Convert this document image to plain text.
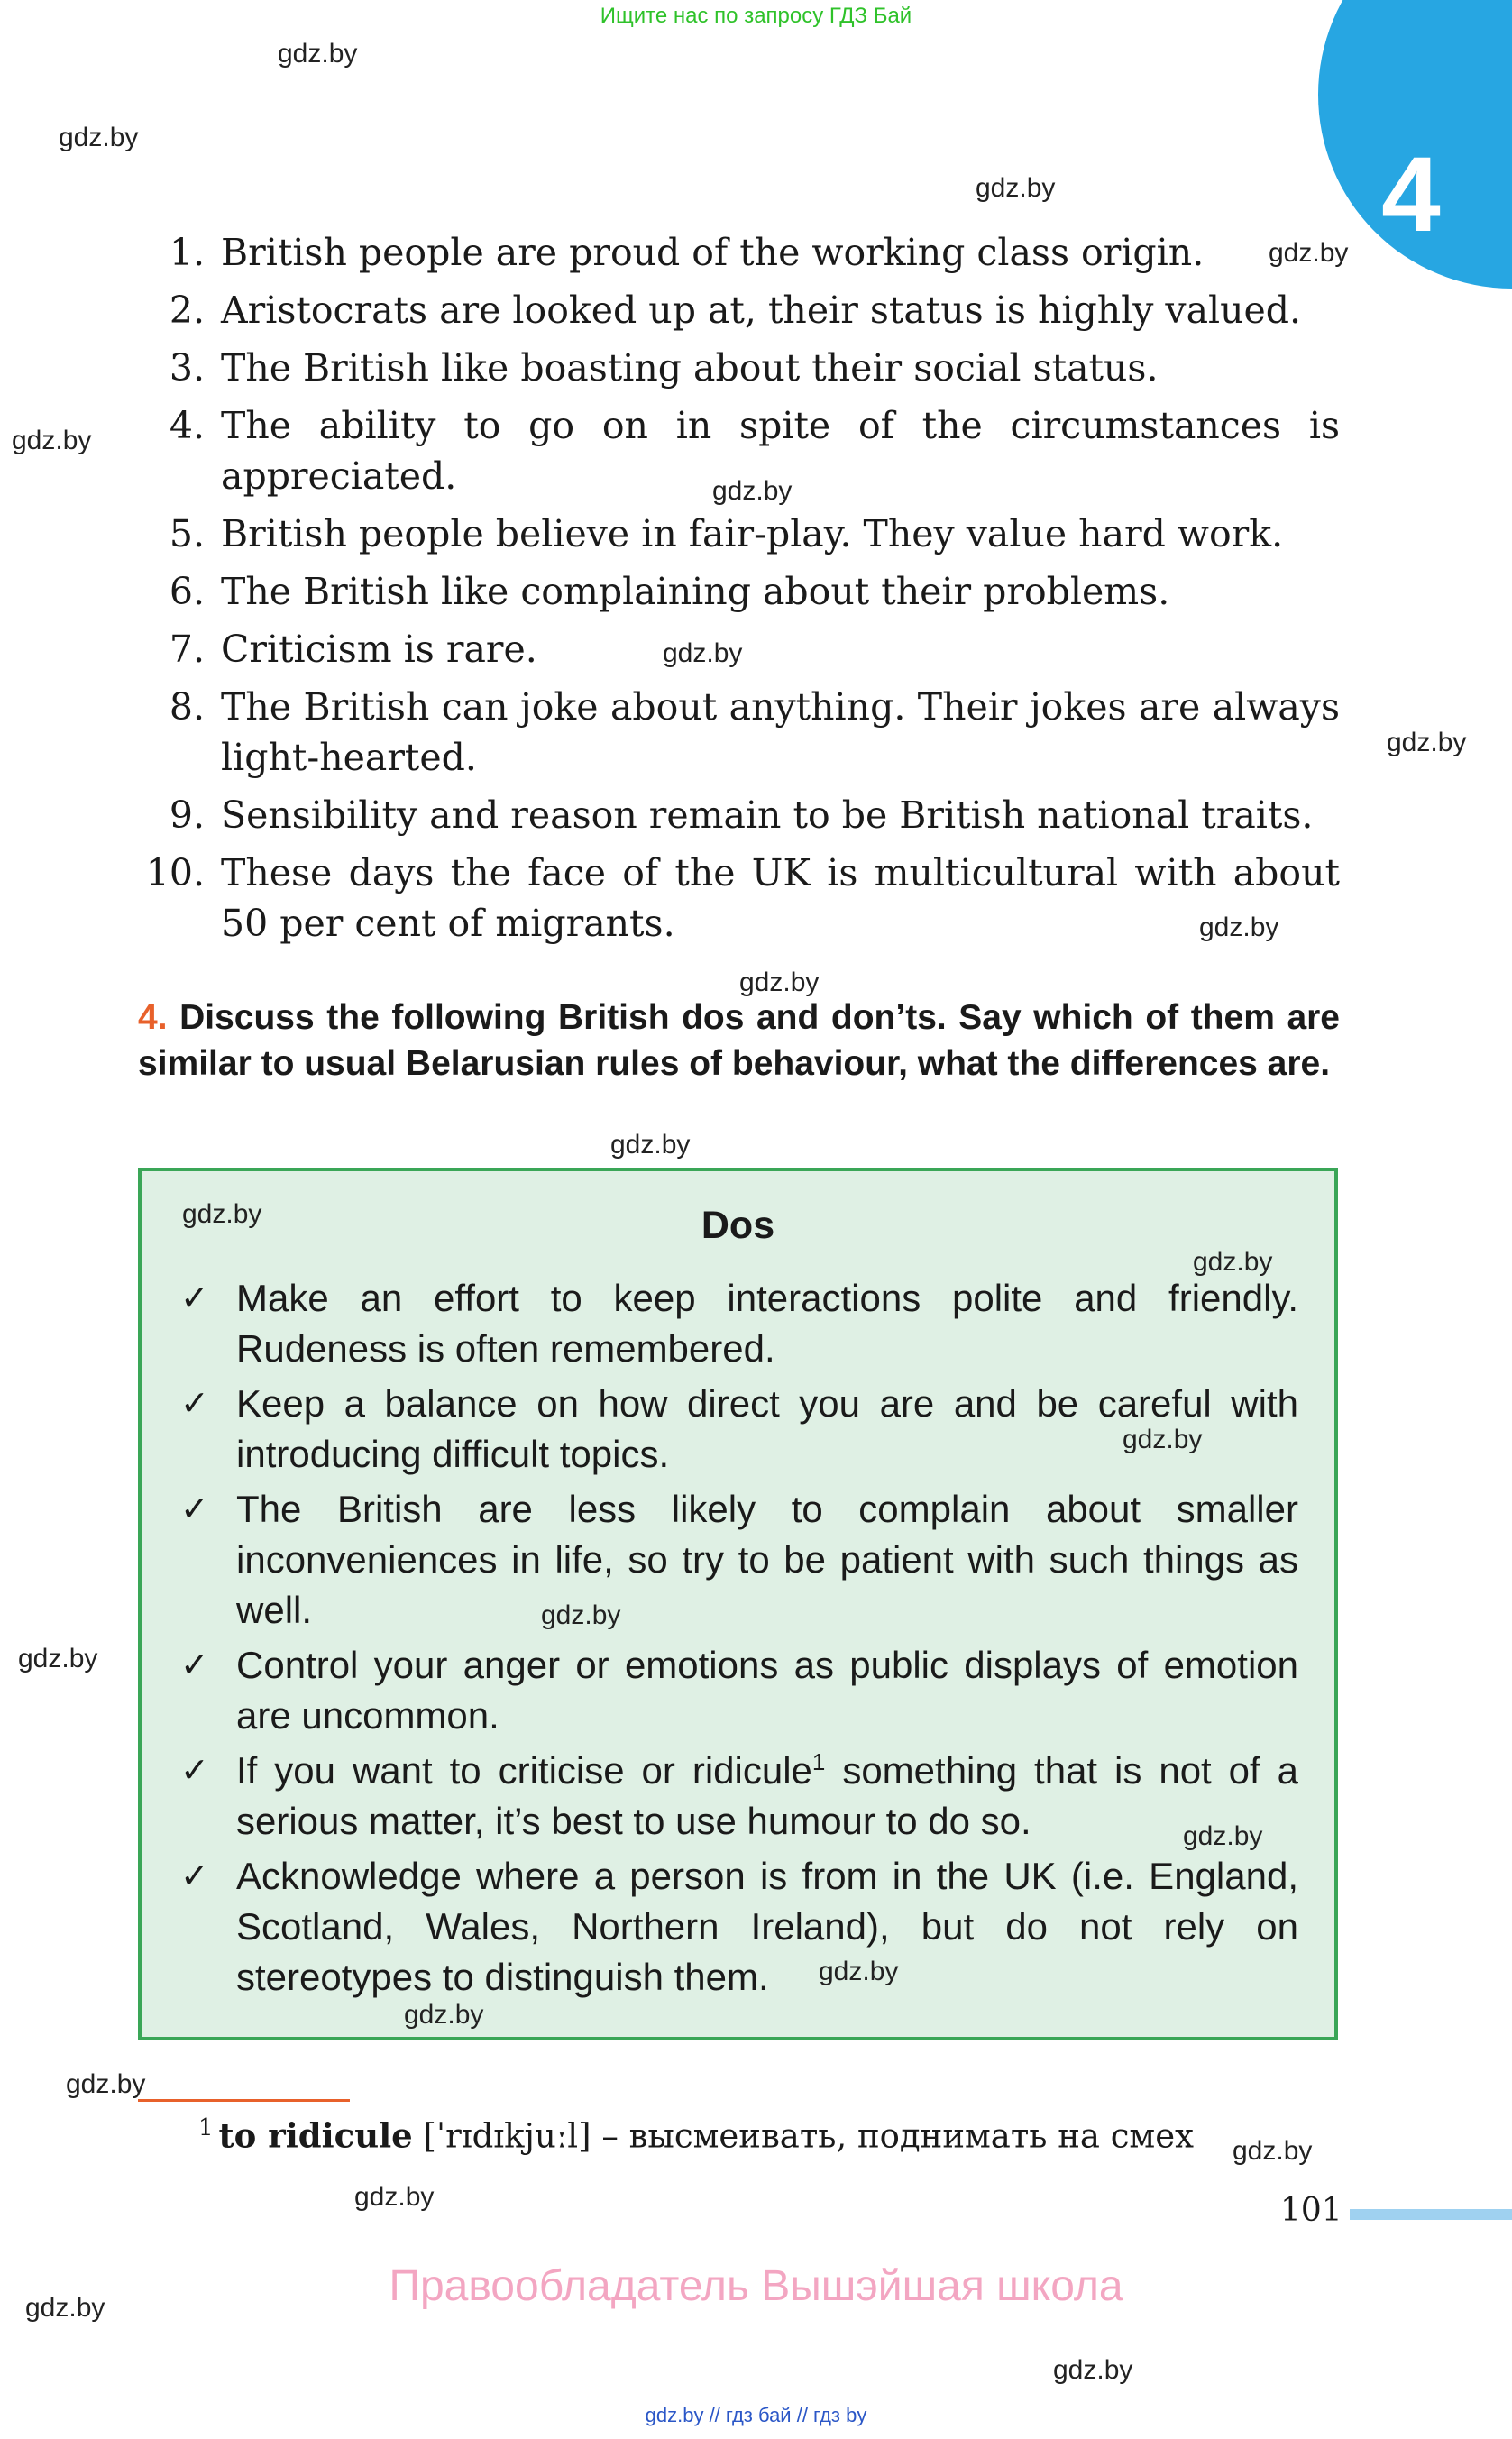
Ищите нас по запросу ГДЗ Бай
4
gdz.by
gdz.by
gdz.by
gdz.by
gdz.by
gdz.by
gdz.by
gdz.by
gdz.by
gdz.by
gdz.by
1. British people are proud of the working class origin.
2. Aristocrats are looked up at, their status is highly valued.
3. The British like boasting about their social status.
4. The ability to go on in spite of the circumstances is appreciated.
5. British people believe in fair-play. They value hard work.
6. The British like complaining about their problems.
7. Criticism is rare.
8. The British can joke about anything. Their jokes are always light-hearted.
9. Sensibility and reason remain to be British national traits.
10. These days the face of the UK is multicultural with about 50 per cent of migrants.
4. Discuss the following British dos and don’ts. Say which of them are similar to usual Belarusian rules of behaviour, what the differences are.
Dos
✓ Make an effort to keep interactions polite and friendly. Rudeness is often remembered.
✓ Keep a balance on how direct you are and be careful with introducing difficult topics.
✓ The British are less likely to complain about smaller inconveniences in life, so try to be patient with such things as well.
✓ Control your anger or emotions as public displays of emotion are uncommon.
✓ If you want to criticise or ridicule$^1$ something that is not of a serious matter, it’s best to use humour to do so.
✓ Acknowledge where a person is from in the UK (i.e. England, Scotland, Wales, Northern Ireland), but do not rely on stereotypes to distinguish them.
gdz.by
gdz.by
gdz.by
gdz.by
gdz.by
gdz.by
gdz.by
gdz.by
gdz.by
$^1$ to ridicule [ˈrɪdɪkjuːl] – высмеивать, поднимать на смех gdz.by
gdz.by	101
Правообладатель Вышэйшая школа
gdz.by
gdz.by
gdz.by // гдз бай // гдз by
